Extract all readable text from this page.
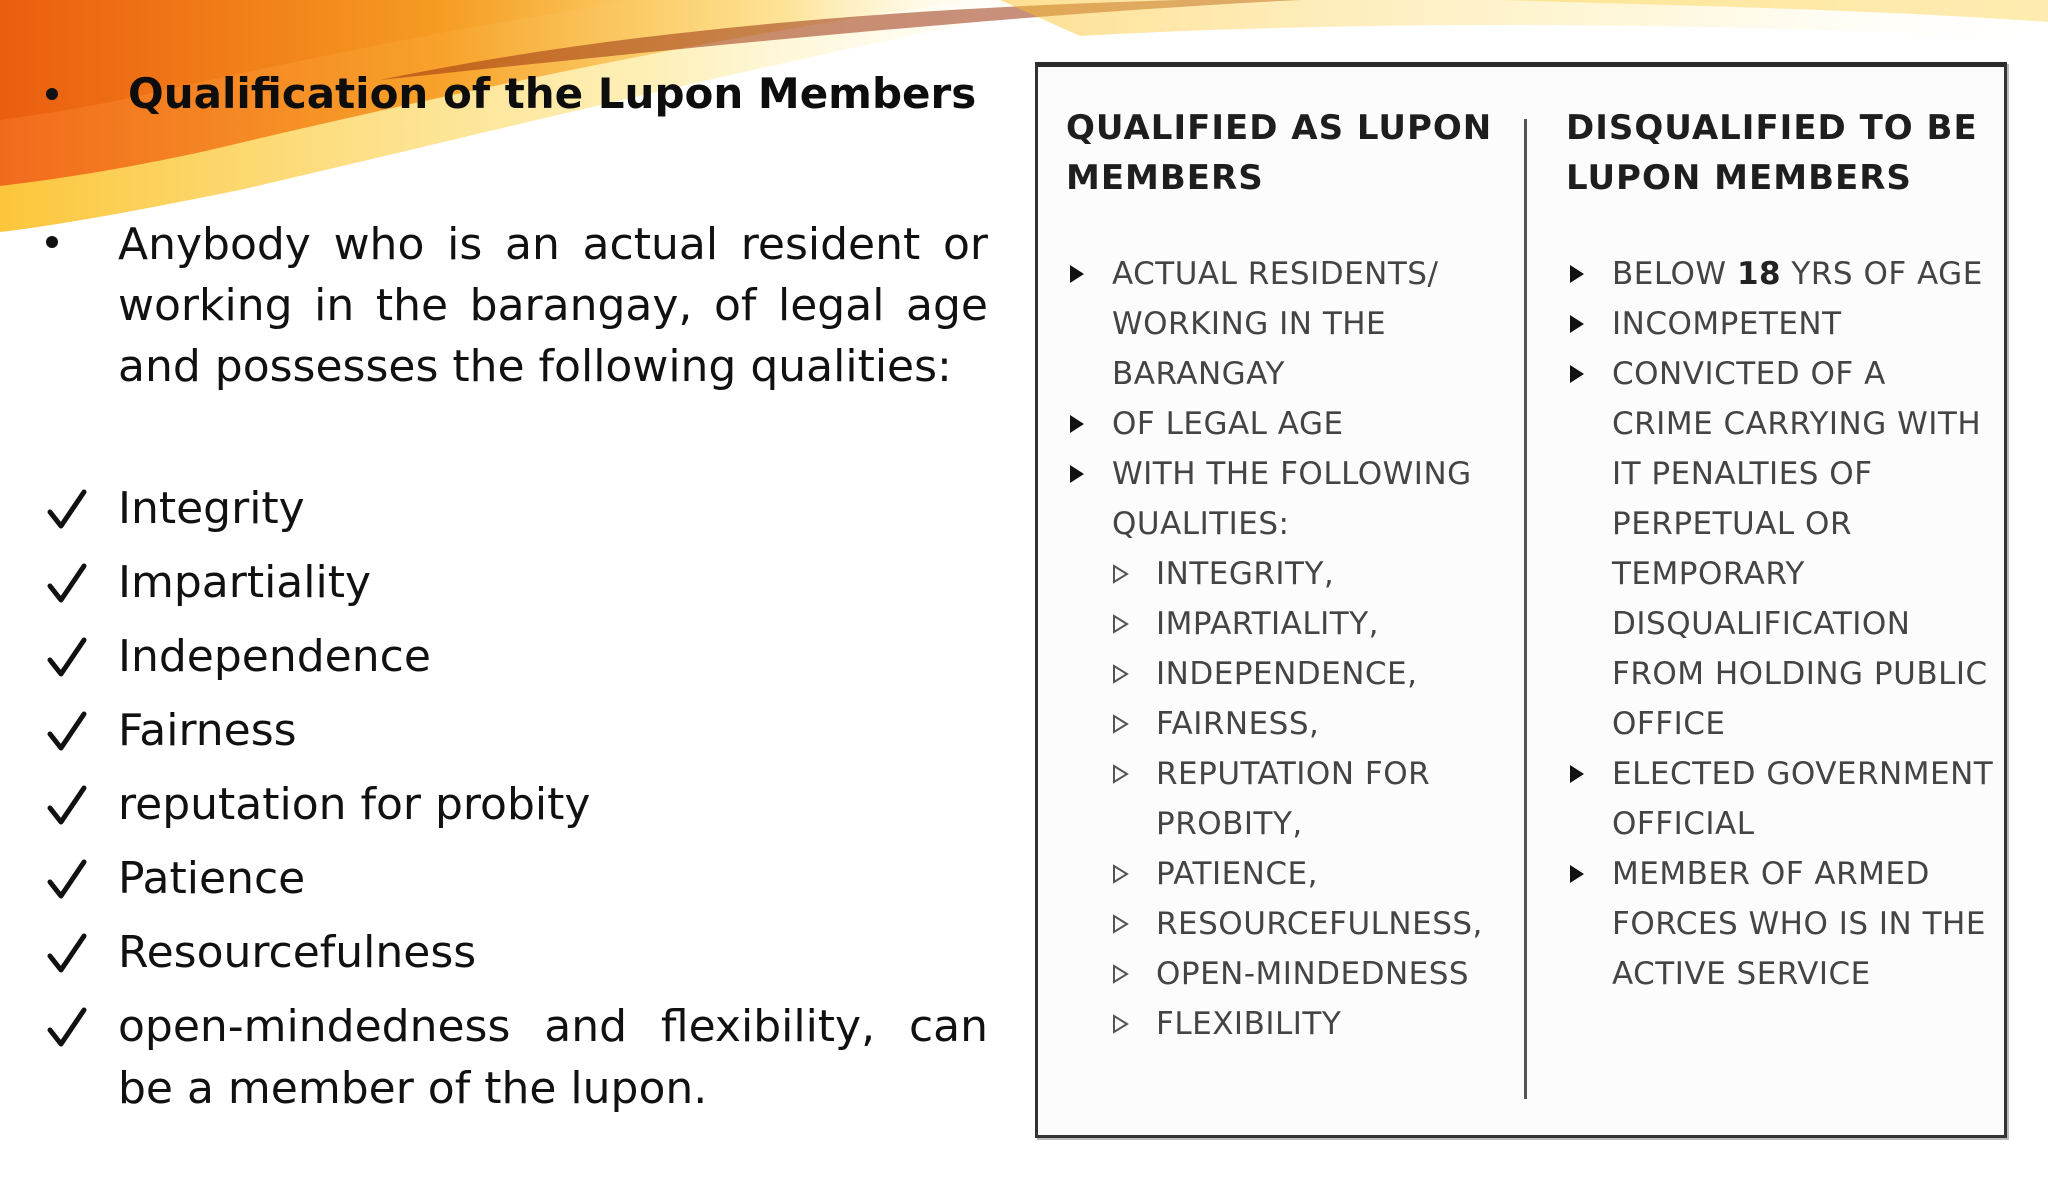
Qualification of the Lupon Members
Anybody who is an actual resident or working in the barangay, of legal age and possesses the following qualities:
Integrity
Impartiality
Independence
Fairness
reputation for probity
Patience
Resourcefulness
open-mindedness and flexibility, can be a member of the lupon.
QUALIFIED AS LUPON MEMBERS
ACTUAL RESIDENTS/ WORKING IN THE BARANGAY
OF LEGAL AGE
WITH THE FOLLOWING QUALITIES:
INTEGRITY,
IMPARTIALITY,
INDEPENDENCE,
FAIRNESS,
REPUTATION FOR PROBITY,
PATIENCE,
RESOURCEFULNESS,
OPEN-MINDEDNESS
FLEXIBILITY
DISQUALIFIED TO BE LUPON MEMBERS
BELOW 18 YRS OF AGE
INCOMPETENT
CONVICTED OF A CRIME CARRYING WITH IT PENALTIES OF PERPETUAL OR TEMPORARY DISQUALIFICATION FROM HOLDING PUBLIC OFFICE
ELECTED GOVERNMENT OFFICIAL
MEMBER OF ARMED FORCES WHO IS IN THE ACTIVE SERVICE
